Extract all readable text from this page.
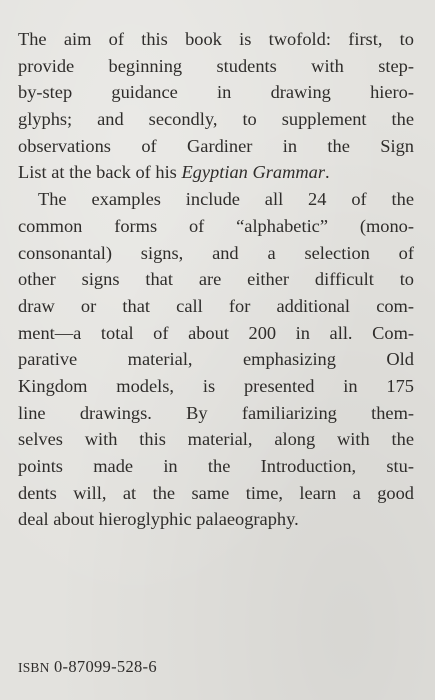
The aim of this book is twofold: first, to
provide beginning students with step-
by-step guidance in drawing hiero-
glyphs; and secondly, to supplement the
observations of Gardiner in the Sign
List at the back of his Egyptian Grammar.
The examples include all 24 of the
common forms of “alphabetic” (mono-
consonantal) signs, and a selection of
other signs that are either difficult to
draw or that call for additional com-
ment—a total of about 200 in all. Com-
parative material, emphasizing Old
Kingdom models, is presented in 175
line drawings. By familiarizing them-
selves with this material, along with the
points made in the Introduction, stu-
dents will, at the same time, learn a good
deal about hieroglyphic palaeography.
ISBN 0-87099-528-6
